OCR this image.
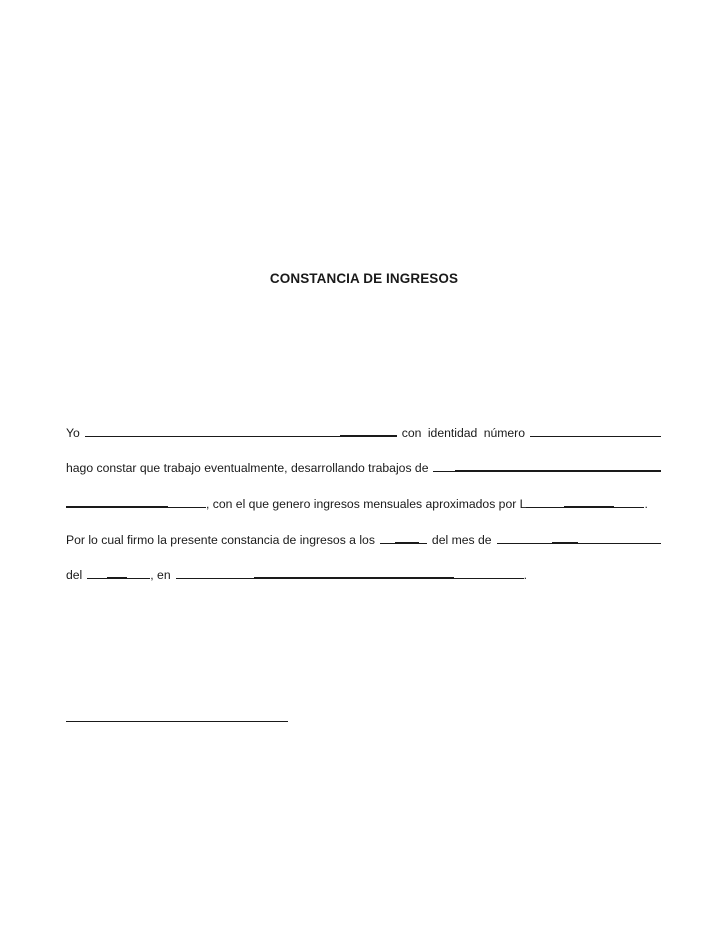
CONSTANCIA DE INGRESOS
Yo	con identidad número
hago constar que trabajo eventualmente, desarrollando trabajos de
, con el que genero ingresos mensuales aproximados por L	.
Por lo cual firmo la presente constancia de ingresos a los	del mes de
del	, en	.
